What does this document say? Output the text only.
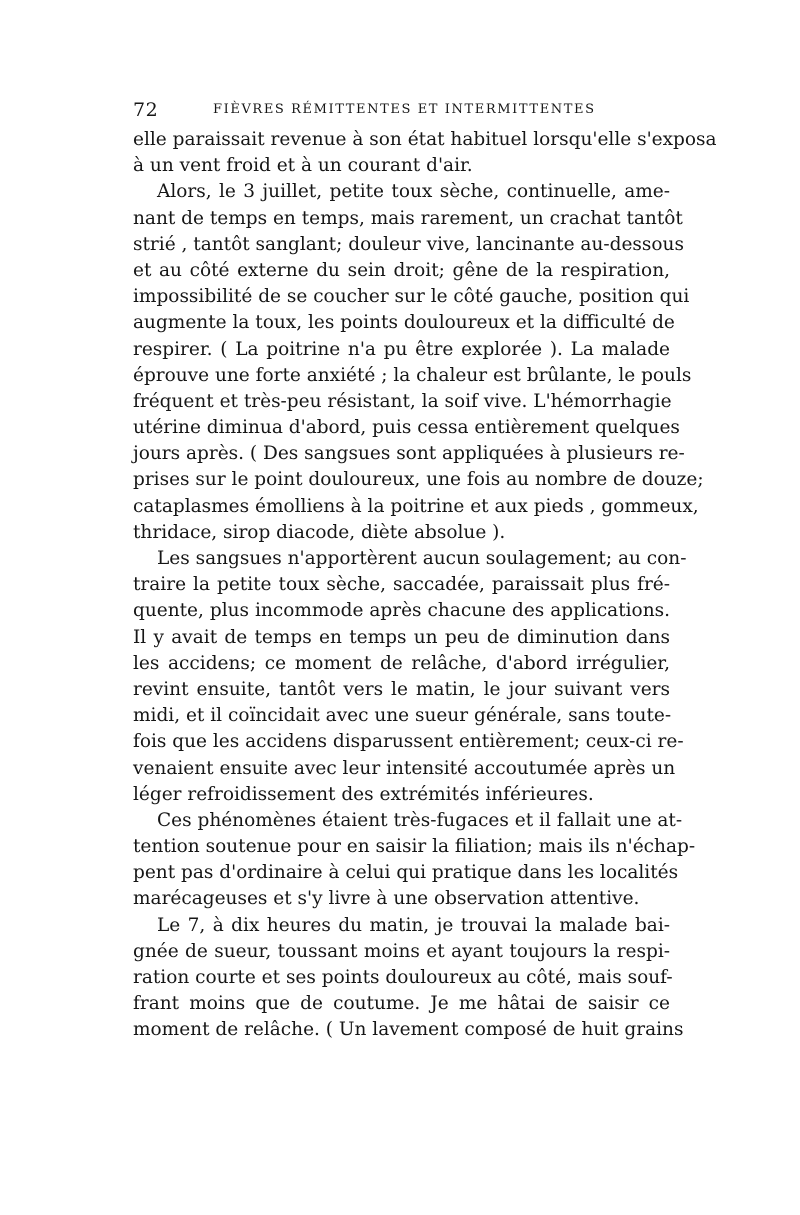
72	FIÈVRES RÉMITTENTES ET INTERMITTENTES
elle paraissait revenue à son état habituel lorsqu'elle s'exposa
à un vent froid et à un courant d'air.
Alors, le 3 juillet, petite toux sèche, continuelle, ame-
nant de temps en temps, mais rarement, un crachat tantôt
strié , tantôt sanglant; douleur vive, lancinante au-dessous
et au côté externe du sein droit; gêne de la respiration,
impossibilité de se coucher sur le côté gauche, position qui
augmente la toux, les points douloureux et la difficulté de
respirer. ( La poitrine n'a pu être explorée ). La malade
éprouve une forte anxiété ; la chaleur est brûlante, le pouls
fréquent et très-peu résistant, la soif vive. L'hémorrhagie
utérine diminua d'abord, puis cessa entièrement quelques
jours après. ( Des sangsues sont appliquées à plusieurs re-
prises sur le point douloureux, une fois au nombre de douze;
cataplasmes émolliens à la poitrine et aux pieds , gommeux,
thridace, sirop diacode, diète absolue ).
Les sangsues n'apportèrent aucun soulagement; au con-
traire la petite toux sèche, saccadée, paraissait plus fré-
quente, plus incommode après chacune des applications.
Il y avait de temps en temps un peu de diminution dans
les accidens; ce moment de relâche, d'abord irrégulier,
revint ensuite, tantôt vers le matin, le jour suivant vers
midi, et il coïncidait avec une sueur générale, sans toute-
fois que les accidens disparussent entièrement; ceux-ci re-
venaient ensuite avec leur intensité accoutumée après un
léger refroidissement des extrémités inférieures.
Ces phénomènes étaient très-fugaces et il fallait une at-
tention soutenue pour en saisir la filiation; mais ils n'échap-
pent pas d'ordinaire à celui qui pratique dans les localités
marécageuses et s'y livre à une observation attentive.
Le 7, à dix heures du matin, je trouvai la malade bai-
gnée de sueur, toussant moins et ayant toujours la respi-
ration courte et ses points douloureux au côté, mais souf-
frant moins que de coutume. Je me hâtai de saisir ce
moment de relâche. ( Un lavement composé de huit grains
